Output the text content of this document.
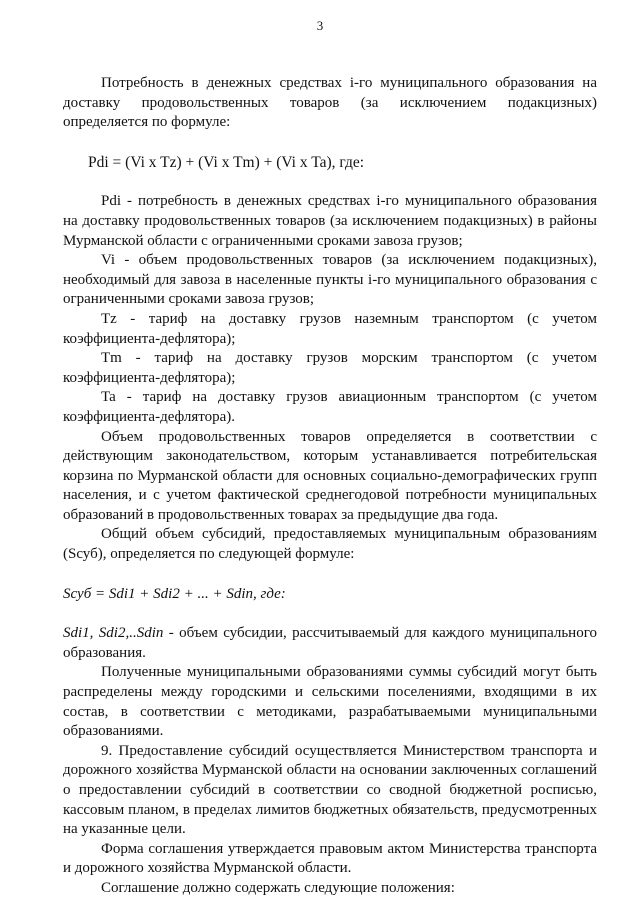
3

Потребность в денежных средствах i-го муниципального образования на доставку продовольственных товаров (за исключением подакцизных) определяется по формуле:

Pdi = (Vi x Tz) + (Vi x Tm) + (Vi x Ta), где:

Pdi - потребность в денежных средствах i-го муниципального образования на доставку продовольственных товаров (за исключением подакцизных) в районы Мурманской области с ограниченными сроками завоза грузов;

Vi - объем продовольственных товаров (за исключением подакцизных), необходимый для завоза в населенные пункты i-го муниципального образования с ограниченными сроками завоза грузов;

Tz - тариф на доставку грузов наземным транспортом (с учетом коэффициента-дефлятора);

Tm - тариф на доставку грузов морским транспортом (с учетом коэффициента-дефлятора);

Ta - тариф на доставку грузов авиационным транспортом (с учетом коэффициента-дефлятора).

Объем продовольственных товаров определяется в соответствии с действующим законодательством, которым устанавливается потребительская корзина по Мурманской области для основных социально-демографических групп населения, и с учетом фактической среднегодовой потребности муниципальных образований в продовольственных товарах за предыдущие два года.

Общий объем субсидий, предоставляемых муниципальным образованиям (Sсуб), определяется по следующей формуле:

Sсуб = Sdi1 + Sdi2 + ... + Sdin, где:

Sdi1, Sdi2,..Sdin - объем субсидии, рассчитываемый для каждого муниципального образования.

Полученные муниципальными образованиями суммы субсидий могут быть распределены между городскими и сельскими поселениями, входящими в их состав, в соответствии с методиками, разрабатываемыми муниципальными образованиями.

9. Предоставление субсидий осуществляется Министерством транспорта и дорожного хозяйства Мурманской области на основании заключенных соглашений о предоставлении субсидий в соответствии со сводной бюджетной росписью, кассовым планом, в пределах лимитов бюджетных обязательств, предусмотренных на указанные цели.

Форма соглашения утверждается правовым актом Министерства транспорта и дорожного хозяйства Мурманской области.

Соглашение должно содержать следующие положения:
